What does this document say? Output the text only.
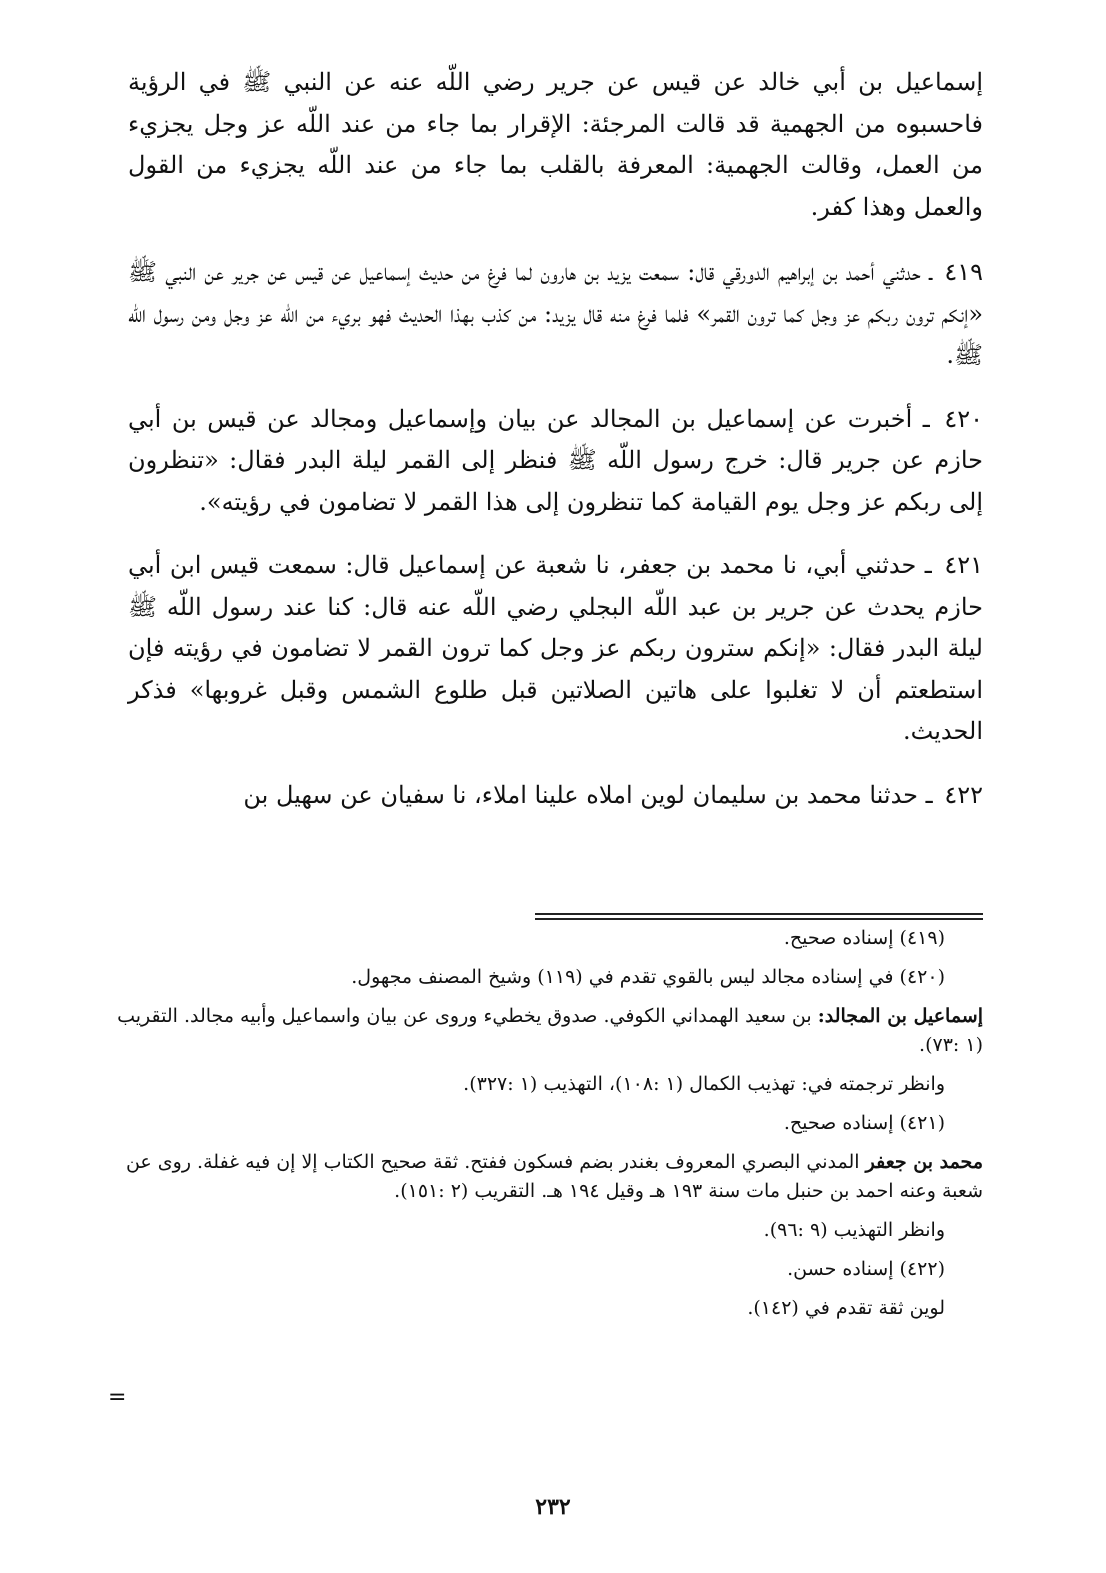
إسماعيل بن أبي خالد عن قيس عن جرير رضي اللّه عنه عن النبي ﷺ في الرؤية فاحسبوه من الجهمية قد قالت المرجئة: الإقرار بما جاء من عند اللّه عز وجل يجزيء من العمل، وقالت الجهمية: المعرفة بالقلب بما جاء من عند اللّه يجزيء من القول والعمل وهذا كفر.

٤١٩ ـ حدثني أحمد بن إبراهيم الدورقي قال: سمعت يزيد بن هارون لما فرغ من حديث إسماعيل عن قيس عن جرير عن النبي ﷺ «إنكم ترون ربكم عز وجل كما ترون القمر» فلما فرغ منه قال يزيد: من كذب بهذا الحديث فهو بريء من اللّه عز وجل ومن رسول اللّه ﷺ.

٤٢٠ ـ أخبرت عن إسماعيل بن المجالد عن بيان وإسماعيل ومجالد عن قيس بن أبي حازم عن جرير قال: خرج رسول اللّه ﷺ فنظر إلى القمر ليلة البدر فقال: «تنظرون إلى ربكم عز وجل يوم القيامة كما تنظرون إلى هذا القمر لا تضامون في رؤيته».

٤٢١ ـ حدثني أبي، نا محمد بن جعفر، نا شعبة عن إسماعيل قال: سمعت قيس ابن أبي حازم يحدث عن جرير بن عبد اللّه البجلي رضي اللّه عنه قال: كنا عند رسول اللّه ﷺ ليلة البدر فقال: «إنكم سترون ربكم عز وجل كما ترون القمر لا تضامون في رؤيته فإن استطعتم أن لا تغلبوا على هاتين الصلاتين قبل طلوع الشمس وقبل غروبها» فذكر الحديث.

٤٢٢ ـ حدثنا محمد بن سليمان لوين املاه علينا املاء، نا سفيان عن سهيل بن

(٤١٩) إسناده صحيح.

(٤٢٠) في إسناده مجالد ليس بالقوي تقدم في (١١٩) وشيخ المصنف مجهول.

إسماعيل بن المجالد: بن سعيد الهمداني الكوفي. صدوق يخطيء وروى عن بيان واسماعيل وأبيه مجالد. التقريب (١ :٧٣).

وانظر ترجمته في: تهذيب الكمال (١ :١٠٨)، التهذيب (١ :٣٢٧).

(٤٢١) إسناده صحيح.

محمد بن جعفر المدني البصري المعروف بغندر بضم فسكون ففتح. ثقة صحيح الكتاب إلا إن فيه غفلة. روى عن شعبة وعنه احمد بن حنبل مات سنة ١٩٣ هـ وقيل ١٩٤ هـ. التقريب (٢ :١٥١).

وانظر التهذيب (٩ :٩٦).

(٤٢٢) إسناده حسن.

لوين ثقة تقدم في (١٤٢).

=
٢٣٢
